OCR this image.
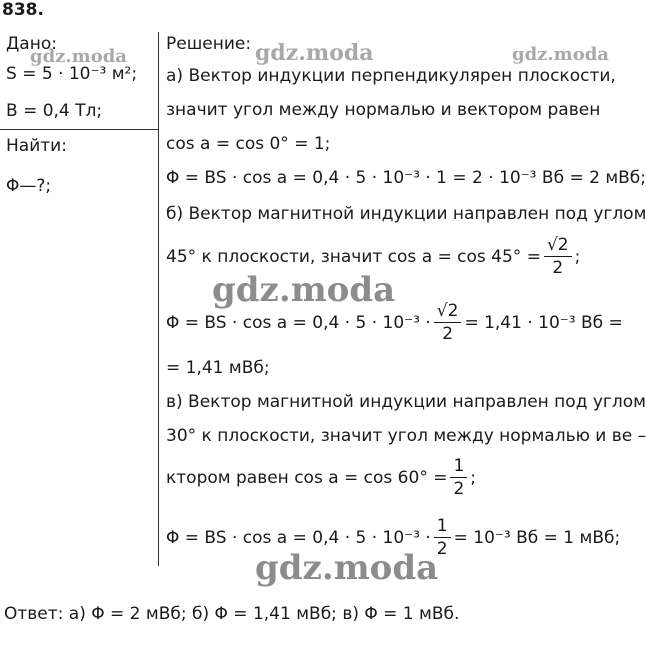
838.
Дано:
S = 5 · 10⁻³ м²;
B = 0,4 Тл;
Найти:
Φ—?;
Решение:
а) Вектор индукции перпендикулярен плоскости,
значит угол между нормалью и вектором равен
cos a = cos 0° = 1;
Φ = BS · cos a = 0,4 · 5 · 10⁻³ · 1 = 2 · 10⁻³ Вб = 2 мВб;
б) Вектор магнитной индукции направлен под углом
45° к плоскости, значит $\cos a = \cos 45^\circ = \frac{√2}{2}$ ;
Φ = BS · $\cos a = 0,4 \cdot 5 \cdot 10^{-3} \cdot \frac{√2}{2} = 1,41 \cdot 10^{-3}$ Вб =
= 1,41 мВб;
в) Вектор магнитной индукции направлен под углом
30° к плоскости, значит угол между нормалью и ве –
ктором равен $\cos a = \cos 60^\circ = \frac{1}{2}$ ;
Φ = BS · $\cos a = 0,4 \cdot 5 \cdot 10^{-3} \cdot \frac{1}{2} = 10^{-3}$ Вб = 1 мВб;
gdz.moda	gdz.moda	gdz.moda
gdz.moda
gdz.moda
Ответ: а) Φ = 2 мВб; б) Φ = 1,41 мВб; в) Φ = 1 мВб.
